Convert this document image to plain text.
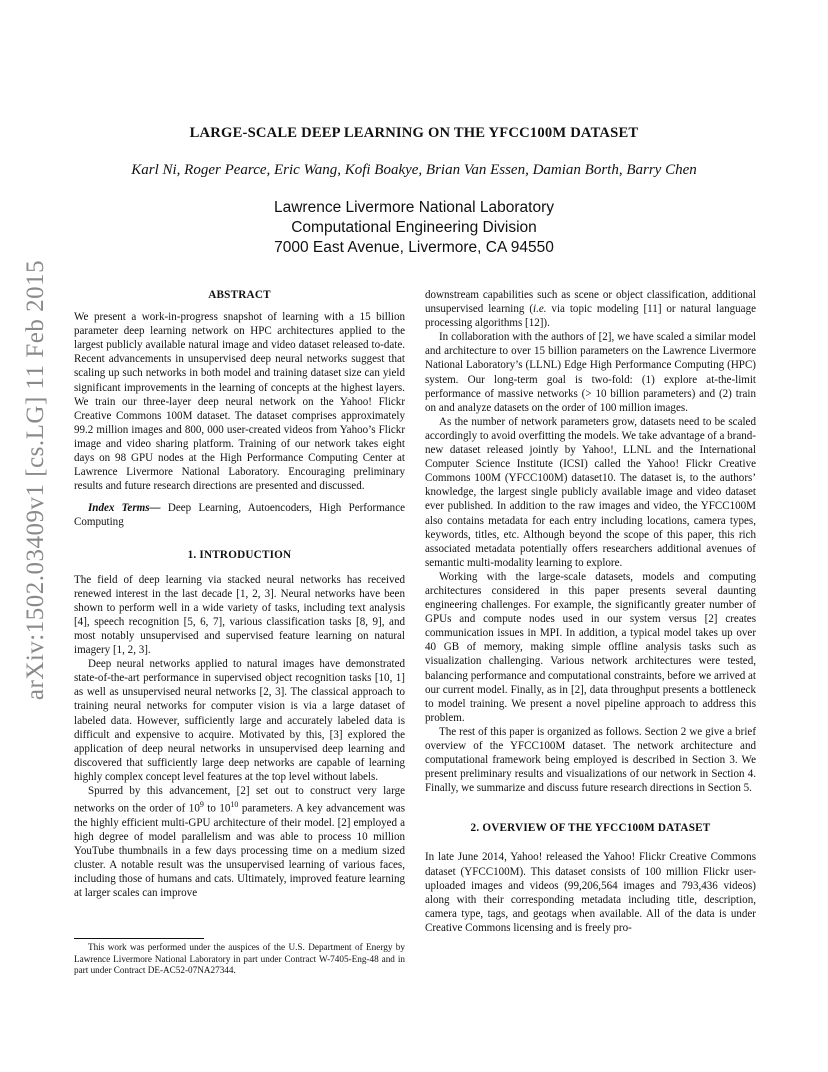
arXiv:1502.03409v1 [cs.LG] 11 Feb 2015
LARGE-SCALE DEEP LEARNING ON THE YFCC100M DATASET
Karl Ni, Roger Pearce, Eric Wang, Kofi Boakye, Brian Van Essen, Damian Borth, Barry Chen
Lawrence Livermore National Laboratory
Computational Engineering Division
7000 East Avenue, Livermore, CA 94550
ABSTRACT

We present a work-in-progress snapshot of learning with a 15 billion parameter deep learning network on HPC architectures applied to the largest publicly available natural image and video dataset released to-date. Recent advancements in unsupervised deep neural networks suggest that scaling up such networks in both model and training dataset size can yield significant improvements in the learning of concepts at the highest layers. We train our three-layer deep neural network on the Yahoo! Flickr Creative Commons 100M dataset. The dataset comprises approximately 99.2 million images and 800, 000 user-created videos from Yahoo’s Flickr image and video sharing platform. Training of our network takes eight days on 98 GPU nodes at the High Performance Computing Center at Lawrence Livermore National Laboratory. Encouraging preliminary results and future research directions are presented and discussed.

Index Terms— Deep Learning, Autoencoders, High Performance Computing

1. INTRODUCTION

The field of deep learning via stacked neural networks has received renewed interest in the last decade [1, 2, 3]. Neural networks have been shown to perform well in a wide variety of tasks, including text analysis [4], speech recognition [5, 6, 7], various classification tasks [8, 9], and most notably unsupervised and supervised feature learning on natural imagery [1, 2, 3].

Deep neural networks applied to natural images have demonstrated state-of-the-art performance in supervised object recognition tasks [10, 1] as well as unsupervised neural networks [2, 3]. The classical approach to training neural networks for computer vision is via a large dataset of labeled data. However, sufficiently large and accurately labeled data is difficult and expensive to acquire. Motivated by this, [3] explored the application of deep neural networks in unsupervised deep learning and discovered that sufficiently large deep networks are capable of learning highly complex concept level features at the top level without labels.

Spurred by this advancement, [2] set out to construct very large networks on the order of $10^9$ to $10^{10}$ parameters. A key advancement was the highly efficient multi-GPU architecture of their model. [2] employed a high degree of model parallelism and was able to process 10 million YouTube thumbnails in a few days processing time on a medium sized cluster. A notable result was the unsupervised learning of various faces, including those of humans and cats. Ultimately, improved feature learning at larger scales can improve

This work was performed under the auspices of the U.S. Department of Energy by Lawrence Livermore National Laboratory in part under Contract W-7405-Eng-48 and in part under Contract DE-AC52-07NA27344.

downstream capabilities such as scene or object classification, additional unsupervised learning (i.e. via topic modeling [11] or natural language processing algorithms [12]).

In collaboration with the authors of [2], we have scaled a similar model and architecture to over 15 billion parameters on the Lawrence Livermore National Laboratory’s (LLNL) Edge High Performance Computing (HPC) system. Our long-term goal is two-fold: (1) explore at-the-limit performance of massive networks (> 10 billion parameters) and (2) train on and analyze datasets on the order of 100 million images.

As the number of network parameters grow, datasets need to be scaled accordingly to avoid overfitting the models. We take advantage of a brand-new dataset released jointly by Yahoo!, LLNL and the International Computer Science Institute (ICSI) called the Yahoo! Flickr Creative Commons 100M (YFCC100M) dataset10. The dataset is, to the authors’ knowledge, the largest single publicly available image and video dataset ever published. In addition to the raw images and video, the YFCC100M also contains metadata for each entry including locations, camera types, keywords, titles, etc. Although beyond the scope of this paper, this rich associated metadata potentially offers researchers additional avenues of semantic multi-modality learning to explore.

Working with the large-scale datasets, models and computing architectures considered in this paper presents several daunting engineering challenges. For example, the significantly greater number of GPUs and compute nodes used in our system versus [2] creates communication issues in MPI. In addition, a typical model takes up over 40 GB of memory, making simple offline analysis tasks such as visualization challenging. Various network architectures were tested, balancing performance and computational constraints, before we arrived at our current model. Finally, as in [2], data throughput presents a bottleneck to model training. We present a novel pipeline approach to address this problem.

The rest of this paper is organized as follows. Section 2 we give a brief overview of the YFCC100M dataset. The network architecture and computational framework being employed is described in Section 3. We present preliminary results and visualizations of our network in Section 4. Finally, we summarize and discuss future research directions in Section 5.

2. OVERVIEW OF THE YFCC100M DATASET

In late June 2014, Yahoo! released the Yahoo! Flickr Creative Commons dataset (YFCC100M). This dataset consists of 100 million Flickr user-uploaded images and videos (99,206,564 images and 793,436 videos) along with their corresponding metadata including title, description, camera type, tags, and geotags when available. All of the data is under Creative Commons licensing and is freely pro-
